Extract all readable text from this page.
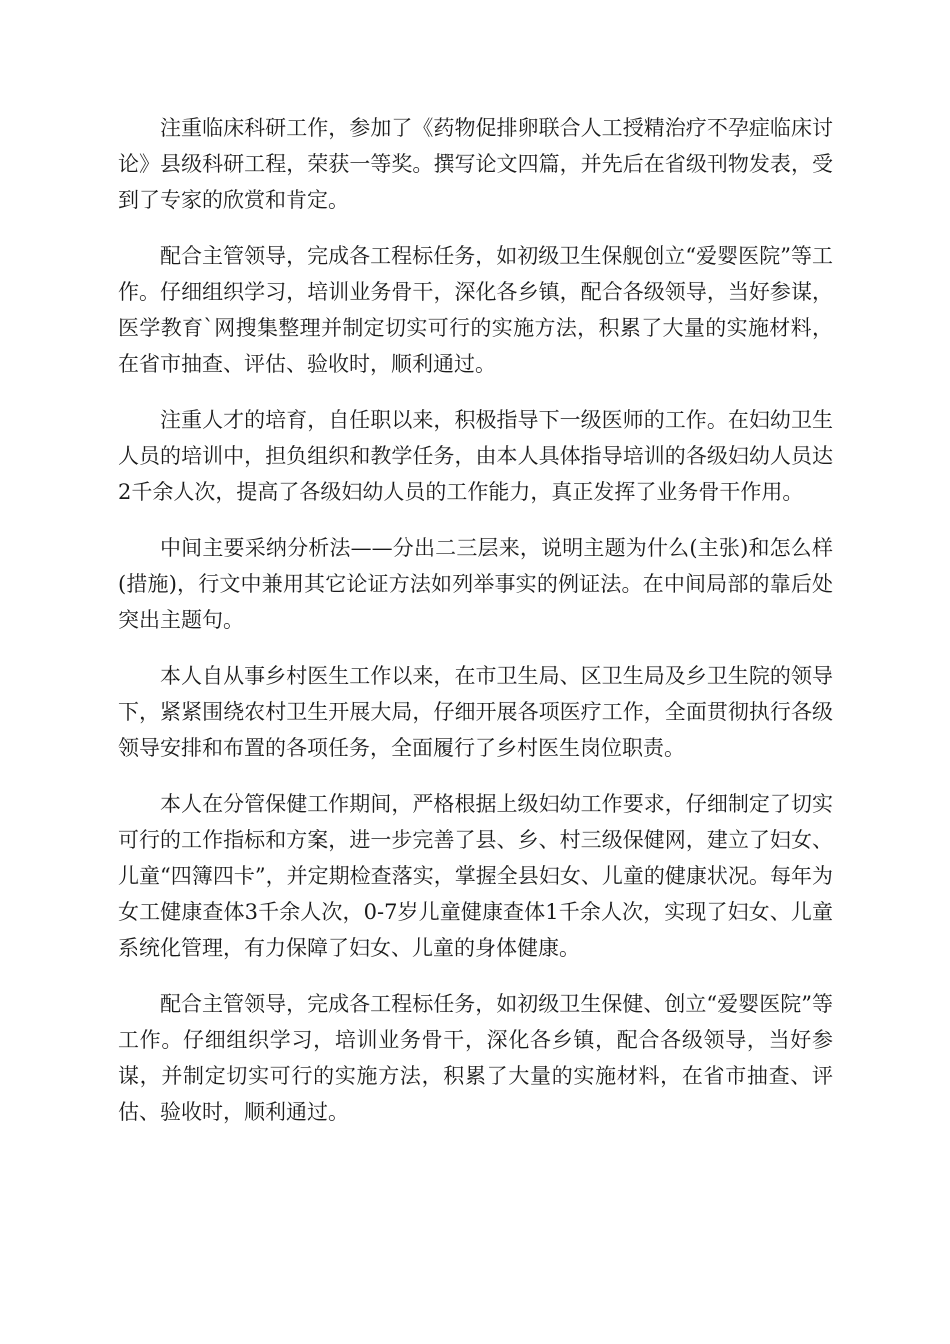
注重临床科研工作，参加了《药物促排卵联合人工授精治疗不孕症临床讨论》县级科研工程，荣获一等奖。撰写论文四篇，并先后在省级刊物发表，受到了专家的欣赏和肯定。

配合主管领导，完成各工程标任务，如初级卫生保舰创立“爱婴医院”等工作。仔细组织学习，培训业务骨干，深化各乡镇，配合各级领导，当好参谋，医学教育`网搜集整理并制定切实可行的实施方法，积累了大量的实施材料，在省市抽查、评估、验收时，顺利通过。

注重人才的培育，自任职以来，积极指导下一级医师的工作。在妇幼卫生人员的培训中，担负组织和教学任务，由本人具体指导培训的各级妇幼人员达2千余人次，提高了各级妇幼人员的工作能力，真正发挥了业务骨干作用。

中间主要采纳分析法——分出二三层来，说明主题为什么(主张)和怎么样(措施)，行文中兼用其它论证方法如列举事实的例证法。在中间局部的靠后处突出主题句。

本人自从事乡村医生工作以来，在市卫生局、区卫生局及乡卫生院的领导下，紧紧围绕农村卫生开展大局，仔细开展各项医疗工作，全面贯彻执行各级领导安排和布置的各项任务，全面履行了乡村医生岗位职责。

本人在分管保健工作期间，严格根据上级妇幼工作要求，仔细制定了切实可行的工作指标和方案，进一步完善了县、乡、村三级保健网，建立了妇女、儿童“四簿四卡”，并定期检查落实，掌握全县妇女、儿童的健康状况。每年为女工健康查体3千余人次，0-7岁儿童健康查体1千余人次，实现了妇女、儿童系统化管理，有力保障了妇女、儿童的身体健康。

配合主管领导，完成各工程标任务，如初级卫生保健、创立“爱婴医院”等工作。仔细组织学习，培训业务骨干，深化各乡镇，配合各级领导，当好参谋，并制定切实可行的实施方法，积累了大量的实施材料，在省市抽查、评估、验收时，顺利通过。
